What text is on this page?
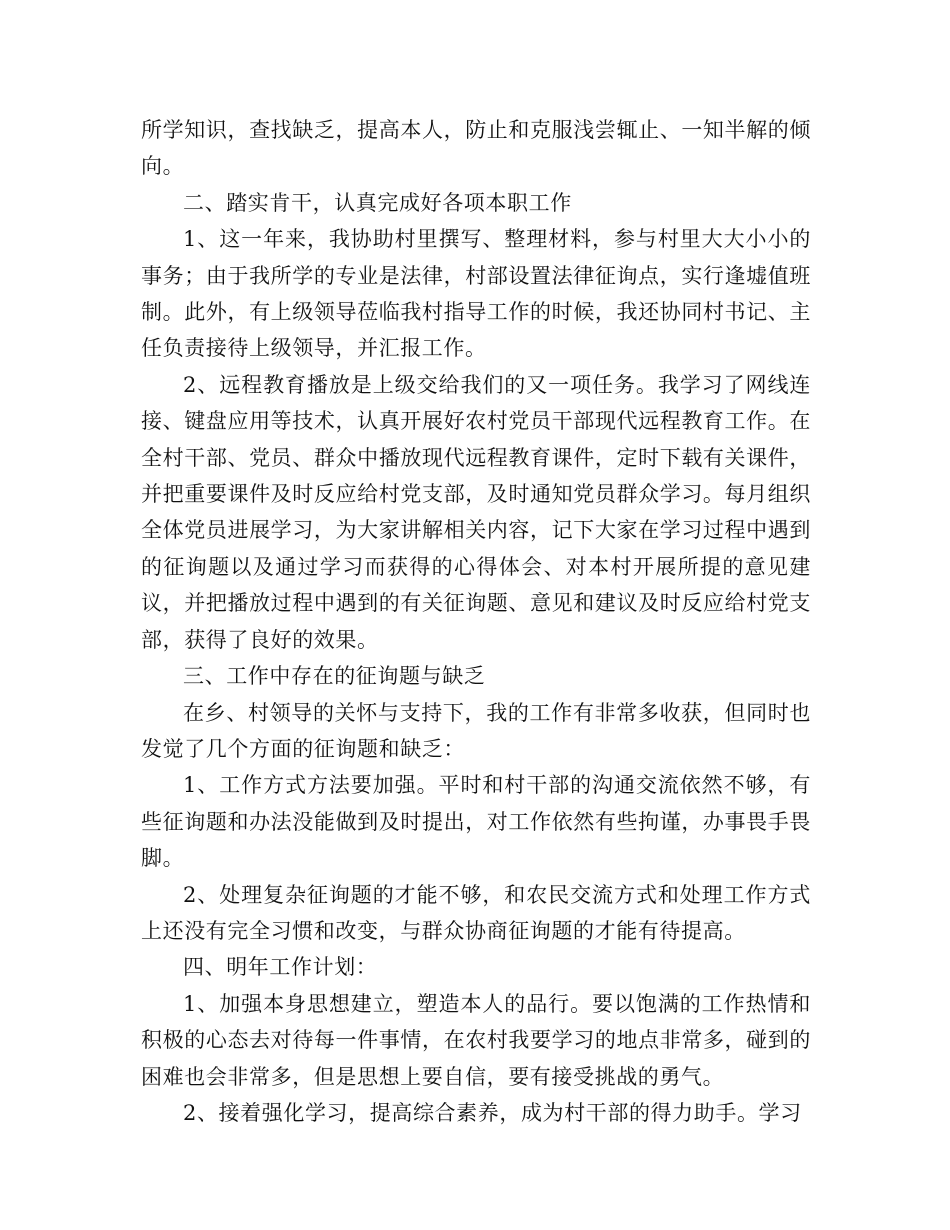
所学知识，查找缺乏，提高本人，防止和克服浅尝辄止、一知半解的倾向。

二、踏实肯干，认真完成好各项本职工作

1、这一年来，我协助村里撰写、整理材料，参与村里大大小小的事务；由于我所学的专业是法律，村部设置法律征询点，实行逢墟值班制。此外，有上级领导莅临我村指导工作的时候，我还协同村书记、主任负责接待上级领导，并汇报工作。

2、远程教育播放是上级交给我们的又一项任务。我学习了网线连接、键盘应用等技术，认真开展好农村党员干部现代远程教育工作。在全村干部、党员、群众中播放现代远程教育课件，定时下载有关课件，并把重要课件及时反应给村党支部，及时通知党员群众学习。每月组织全体党员进展学习，为大家讲解相关内容，记下大家在学习过程中遇到的征询题以及通过学习而获得的心得体会、对本村开展所提的意见建议，并把播放过程中遇到的有关征询题、意见和建议及时反应给村党支部，获得了良好的效果。

三、工作中存在的征询题与缺乏

在乡、村领导的关怀与支持下，我的工作有非常多收获，但同时也发觉了几个方面的征询题和缺乏：

1、工作方式方法要加强。平时和村干部的沟通交流依然不够，有些征询题和办法没能做到及时提出，对工作依然有些拘谨，办事畏手畏脚。

2、处理复杂征询题的才能不够，和农民交流方式和处理工作方式上还没有完全习惯和改变，与群众协商征询题的才能有待提高。

四、明年工作计划：

1、加强本身思想建立，塑造本人的品行。要以饱满的工作热情和积极的心态去对待每一件事情，在农村我要学习的地点非常多，碰到的困难也会非常多，但是思想上要自信，要有接受挑战的勇气。

2、接着强化学习，提高综合素养，成为村干部的得力助手。学习
